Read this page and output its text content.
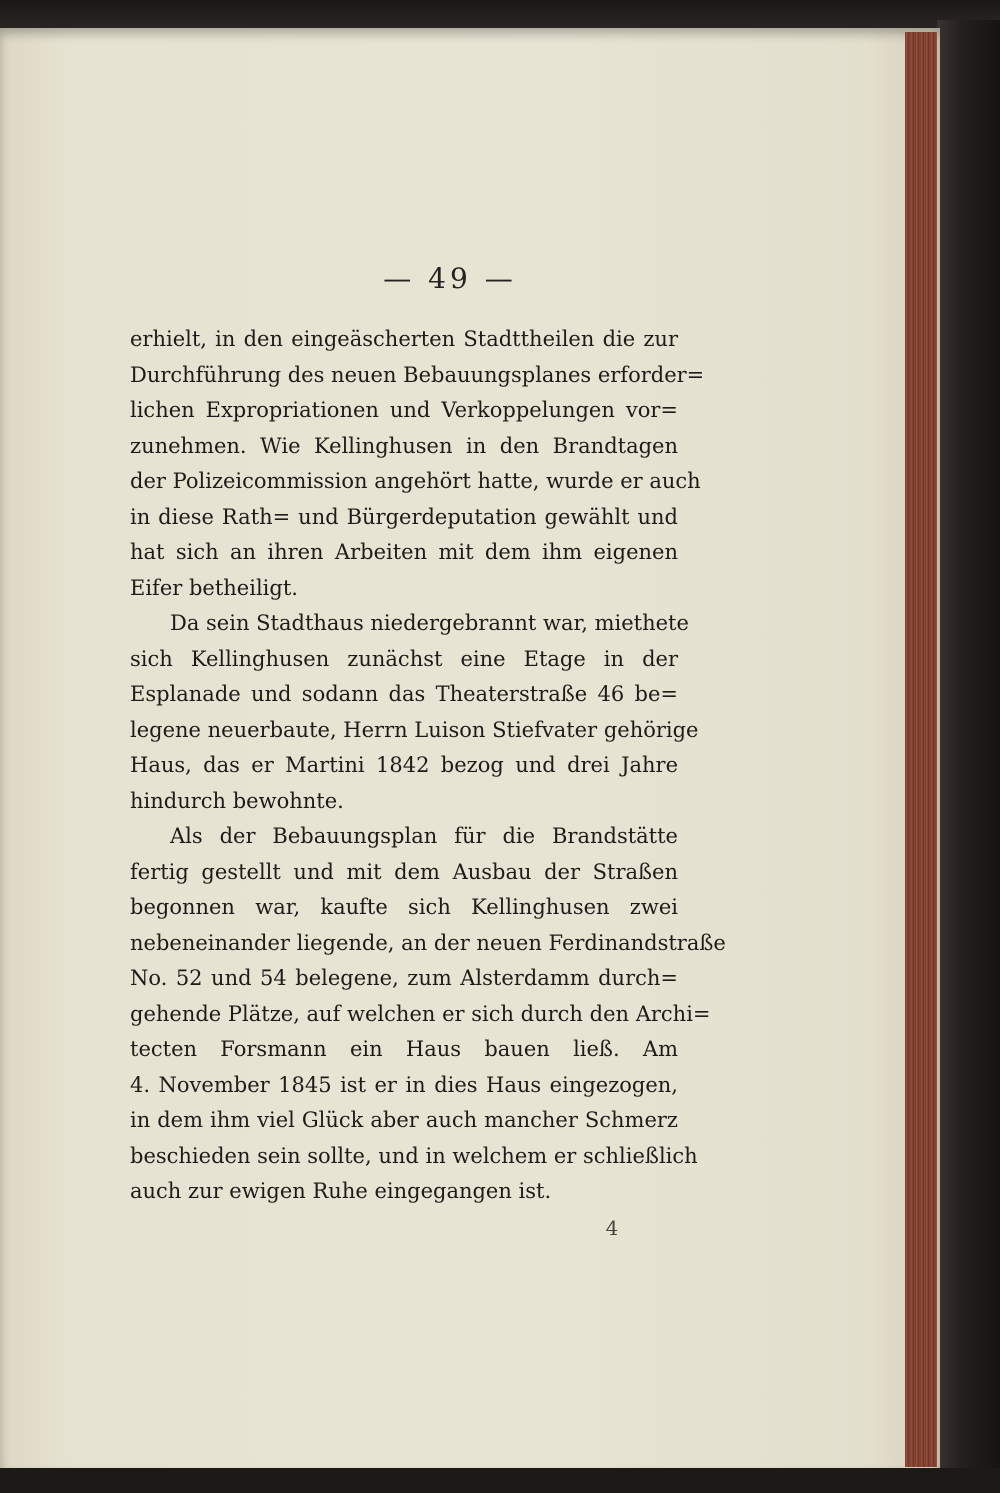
— 49 —
erhielt, in den eingeäscherten Stadttheilen die zur
Durchführung des neuen Bebauungsplanes erforder=
lichen Expropriationen und Verkoppelungen vor=
zunehmen. Wie Kellinghusen in den Brandtagen
der Polizeicommission angehört hatte, wurde er auch
in diese Rath= und Bürgerdeputation gewählt und
hat sich an ihren Arbeiten mit dem ihm eigenen
Eifer betheiligt.
Da sein Stadthaus niedergebrannt war, miethete
sich Kellinghusen zunächst eine Etage in der
Esplanade und sodann das Theaterstraße 46 be=
legene neuerbaute, Herrn Luison Stiefvater gehörige
Haus, das er Martini 1842 bezog und drei Jahre
hindurch bewohnte.
Als der Bebauungsplan für die Brandstätte
fertig gestellt und mit dem Ausbau der Straßen
begonnen war, kaufte sich Kellinghusen zwei
nebeneinander liegende, an der neuen Ferdinandstraße
No. 52 und 54 belegene, zum Alsterdamm durch=
gehende Plätze, auf welchen er sich durch den Archi=
tecten Forsmann ein Haus bauen ließ. Am
4. November 1845 ist er in dies Haus eingezogen,
in dem ihm viel Glück aber auch mancher Schmerz
beschieden sein sollte, und in welchem er schließlich
auch zur ewigen Ruhe eingegangen ist.
4
